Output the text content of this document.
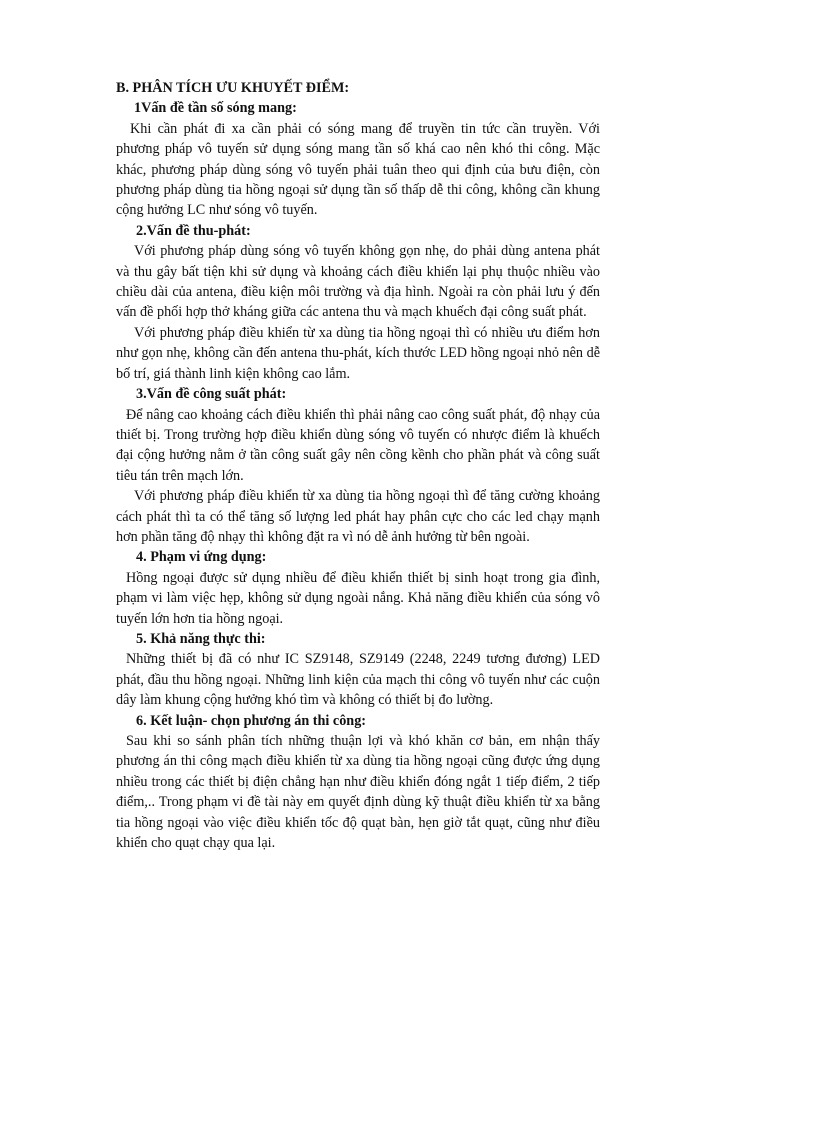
B. PHÂN TÍCH ƯU KHUYẾT ĐIỂM:
1Vấn đề tần số sóng mang:

Khi cần phát đi xa cần phải có sóng mang để truyền tin tức cần truyền. Với phương pháp vô tuyến sử dụng sóng mang tần số khá cao nên khó thi công. Mặc khác, phương pháp dùng sóng vô tuyến phải tuân theo qui định của bưu điện, còn phương pháp dùng tia hồng ngoại sử dụng tần số thấp dễ thi công, không cần khung cộng hưởng LC như sóng vô tuyến.

2.Vấn đề thu-phát:

Với phương pháp dùng sóng vô tuyến không gọn nhẹ, do phải dùng antena phát và thu gây bất tiện khi sử dụng và khoảng cách điều khiển lại phụ thuộc nhiều vào chiều dài của antena, điều kiện môi trường và địa hình. Ngoài ra còn phải lưu ý đến vấn đề phối hợp thở kháng giữa các antena thu và mạch khuếch đại công suất phát.

Với phương pháp điều khiển từ xa dùng tia hồng ngoại thì có nhiều ưu điểm hơn như gọn nhẹ, không cần đến antena thu-phát, kích thước LED hồng ngoại nhỏ nên dễ bố trí, giá thành linh kiện không cao lắm.

3.Vấn đề công suất phát:

Để nâng cao khoảng cách điều khiển thì phải nâng cao công suất phát, độ nhạy của thiết bị. Trong trường hợp điều khiển dùng sóng vô tuyến có nhược điểm là khuếch đại cộng hưởng nằm ở tần công suất gây nên cồng kềnh cho phần phát và công suất tiêu tán trên mạch lớn.

Với phương pháp điều khiển từ xa dùng tia hồng ngoại thì để tăng cường khoảng cách phát thì ta có thể tăng số lượng led phát hay phân cực cho các led chạy mạnh hơn phần tăng độ nhạy thì không đặt ra vì nó dễ ảnh hưởng từ bên ngoài.

4. Phạm vi ứng dụng:

Hồng ngoại được sử dụng nhiều để điều khiển thiết bị sinh hoạt trong gia đình, phạm vi làm việc hẹp, không sử dụng ngoài nắng. Khả năng điều khiển của sóng vô tuyến lớn hơn tia hồng ngoại.

5. Khả năng thực thi:

Những thiết bị đã có như IC SZ9148, SZ9149 (2248, 2249 tương đương) LED phát, đầu thu hồng ngoại. Những linh kiện của mạch thi công vô tuyến như các cuộn dây làm khung cộng hưởng khó tìm và không có thiết bị đo lường.

6. Kết luận- chọn phương án thi công:

Sau khi so sánh phân tích những thuận lợi và khó khăn cơ bản, em nhận thấy phương án thi công mạch điều khiển từ xa dùng tia hồng ngoại cũng được ứng dụng nhiều trong các thiết bị điện chẳng hạn như điều khiển đóng ngắt 1 tiếp điểm, 2 tiếp điểm,.. Trong phạm vi đề tài này em quyết định dùng kỹ thuật điều khiển từ xa bằng tia hồng ngoại vào việc điều khiển tốc độ quạt bàn, hẹn giờ tắt quạt, cũng như điều khiển cho quạt chạy qua lại.
